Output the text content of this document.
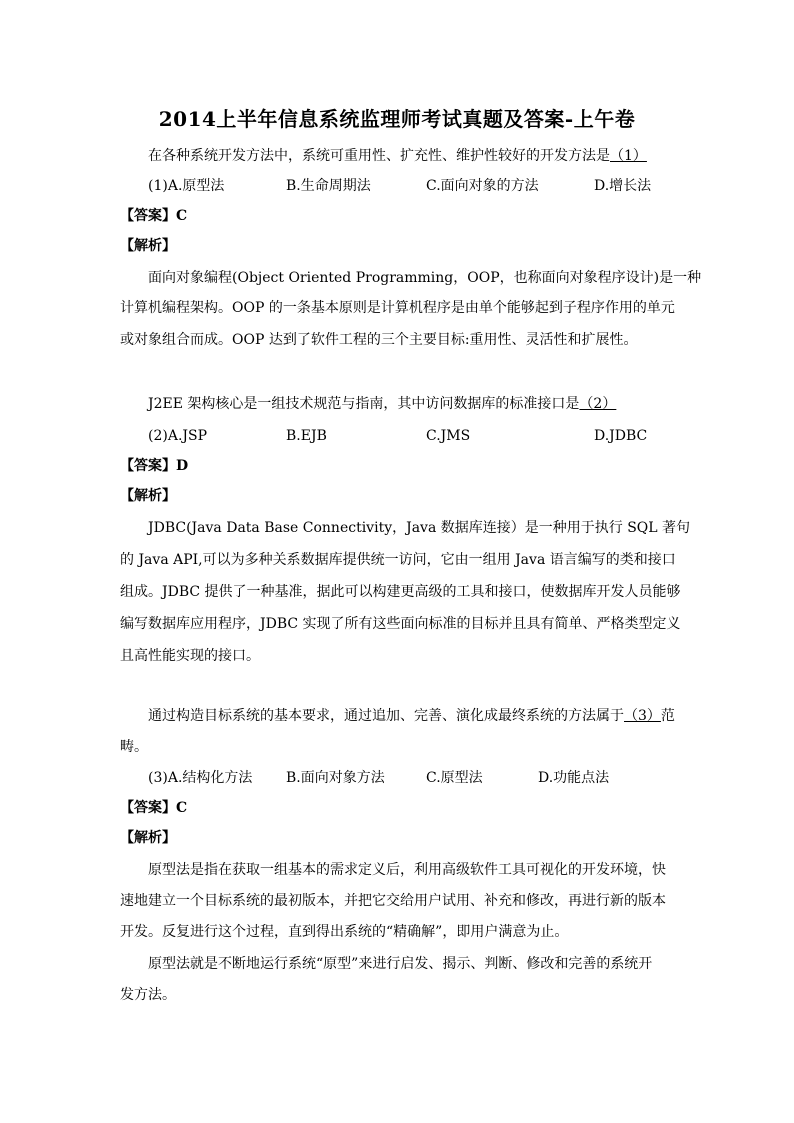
2014上半年信息系统监理师考试真题及答案-上午卷
在各种系统开发方法中，系统可重用性、扩充性、维护性较好的开发方法是（1）
(1)A.原型法	B.生命周期法	C.面向对象的方法	D.增长法
【答案】C
【解析】
面向对象编程(Object Oriented Programming，OOP，也称面向对象程序设计)是一种
计算机编程架构。OOP 的一条基本原则是计算机程序是由单个能够起到子程序作用的单元
或对象组合而成。OOP 达到了软件工程的三个主要目标:重用性、灵活性和扩展性。
J2EE 架构核心是一组技术规范与指南，其中访问数据库的标准接口是（2）
(2)A.JSP	B.EJB	C.JMS	D.JDBC
【答案】D
【解析】
JDBC(Java Data Base Connectivity，Java 数据库连接）是一种用于执行 SQL 著句
的 Java API,可以为多种关系数据库提供统一访问，它由一组用 Java 语言编写的类和接口
组成。JDBC 提供了一种基准，据此可以构建更高级的工具和接口，使数据库开发人员能够
编写数据库应用程序，JDBC 实现了所有这些面向标准的目标并且具有简单、严格类型定义
且高性能实现的接口。
通过构造目标系统的基本要求，通过追加、完善、演化成最终系统的方法属于（3）范
畴。
(3)A.结构化方法 B.面向对象方法	C.原型法	D.功能点法
【答案】C
【解析】
原型法是指在获取一组基本的需求定义后，利用高级软件工具可视化的开发环境，快
速地建立一个目标系统的最初版本，并把它交给用户试用、补充和修改，再进行新的版本
开发。反复进行这个过程，直到得出系统的“精确解”，即用户满意为止。
原型法就是不断地运行系统“原型”来进行启发、揭示、判断、修改和完善的系统开
发方法。
